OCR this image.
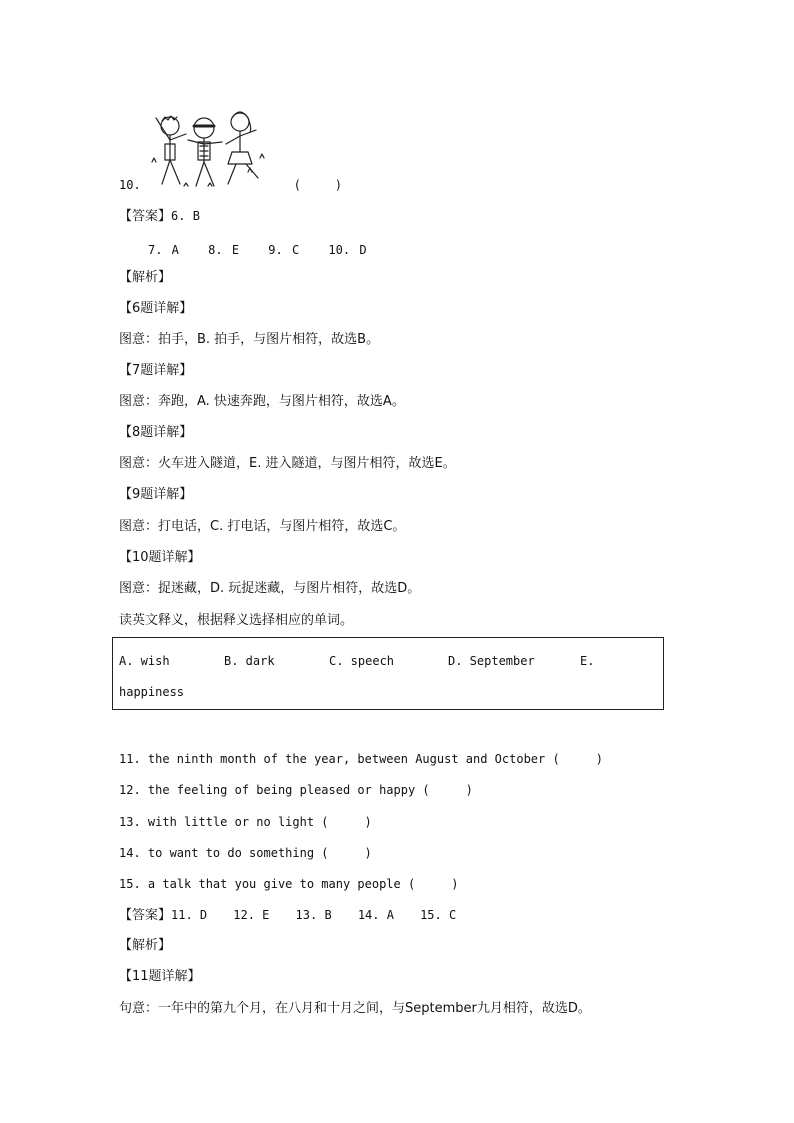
10.	(　　　)
【答案】6. B
7. A 8. E 9. C 10. D
【解析】
【6题详解】
图意：拍手，B. 拍手，与图片相符，故选B。
【7题详解】
图意：奔跑，A. 快速奔跑，与图片相符，故选A。
【8题详解】
图意：火车进入隧道，E. 进入隧道，与图片相符，故选E。
【9题详解】
图意：打电话，C. 打电话，与图片相符，故选C。
【10题详解】
图意：捉迷藏，D. 玩捉迷藏，与图片相符，故选D。
读英文释义，根据释义选择相应的单词。
A. wish	B. dark	C. speech	D. September	E.
happiness
11. the ninth month of the year, between August and October (　　　)
12. the feeling of being pleased or happy (　　　)
13. with little or no light (　　　)
14. to want to do something (　　　)
15. a talk that you give to many people (　　　)
【答案】11. D 12. E 13. B 14. A 15. C
【解析】
【11题详解】
句意：一年中的第九个月，在八月和十月之间，与September九月相符，故选D。
